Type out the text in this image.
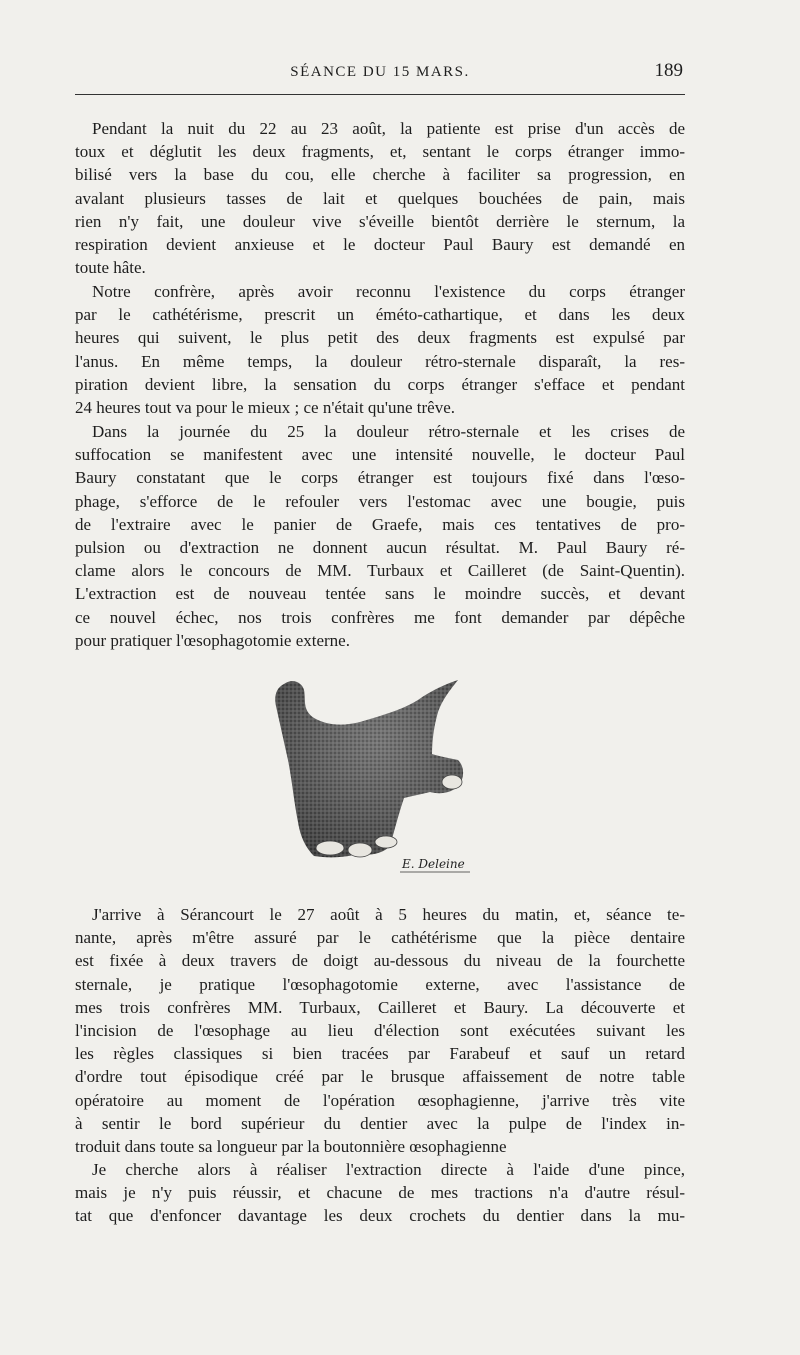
SÉANCE DU 15 MARS.	189
Pendant la nuit du 22 au 23 août, la patiente est prise d'un accès de
toux et déglutit les deux fragments, et, sentant le corps étranger immo-
bilisé vers la base du cou, elle cherche à faciliter sa progression, en
avalant plusieurs tasses de lait et quelques bouchées de pain, mais
rien n'y fait, une douleur vive s'éveille bientôt derrière le sternum, la
respiration devient anxieuse et le docteur Paul Baury est demandé en
toute hâte.
Notre confrère, après avoir reconnu l'existence du corps étranger
par le cathétérisme, prescrit un éméto-cathartique, et dans les deux
heures qui suivent, le plus petit des deux fragments est expulsé par
l'anus. En même temps, la douleur rétro-sternale disparaît, la res-
piration devient libre, la sensation du corps étranger s'efface et pendant
24 heures tout va pour le mieux ; ce n'était qu'une trêve.
Dans la journée du 25 la douleur rétro-sternale et les crises de
suffocation se manifestent avec une intensité nouvelle, le docteur Paul
Baury constatant que le corps étranger est toujours fixé dans l'œso-
phage, s'efforce de le refouler vers l'estomac avec une bougie, puis
de l'extraire avec le panier de Graefe, mais ces tentatives de pro-
pulsion ou d'extraction ne donnent aucun résultat. M. Paul Baury ré-
clame alors le concours de MM. Turbaux et Cailleret (de Saint-Quentin).
L'extraction est de nouveau tentée sans le moindre succès, et devant
ce nouvel échec, nos trois confrères me font demander par dépêche
pour pratiquer l'œsophagotomie externe.
E. Deleine
J'arrive à Sérancourt le 27 août à 5 heures du matin, et, séance te-
nante, après m'être assuré par le cathétérisme que la pièce dentaire
est fixée à deux travers de doigt au-dessous du niveau de la fourchette
sternale, je pratique l'œsophagotomie externe, avec l'assistance de
mes trois confrères MM. Turbaux, Cailleret et Baury. La découverte et
l'incision de l'œsophage au lieu d'élection sont exécutées suivant les
les règles classiques si bien tracées par Farabeuf et sauf un retard
d'ordre tout épisodique créé par le brusque affaissement de notre table
opératoire au moment de l'opération œsophagienne, j'arrive très vite
à sentir le bord supérieur du dentier avec la pulpe de l'index in-
troduit dans toute sa longueur par la boutonnière œsophagienne
Je cherche alors à réaliser l'extraction directe à l'aide d'une pince,
mais je n'y puis réussir, et chacune de mes tractions n'a d'autre résul-
tat que d'enfoncer davantage les deux crochets du dentier dans la mu-
